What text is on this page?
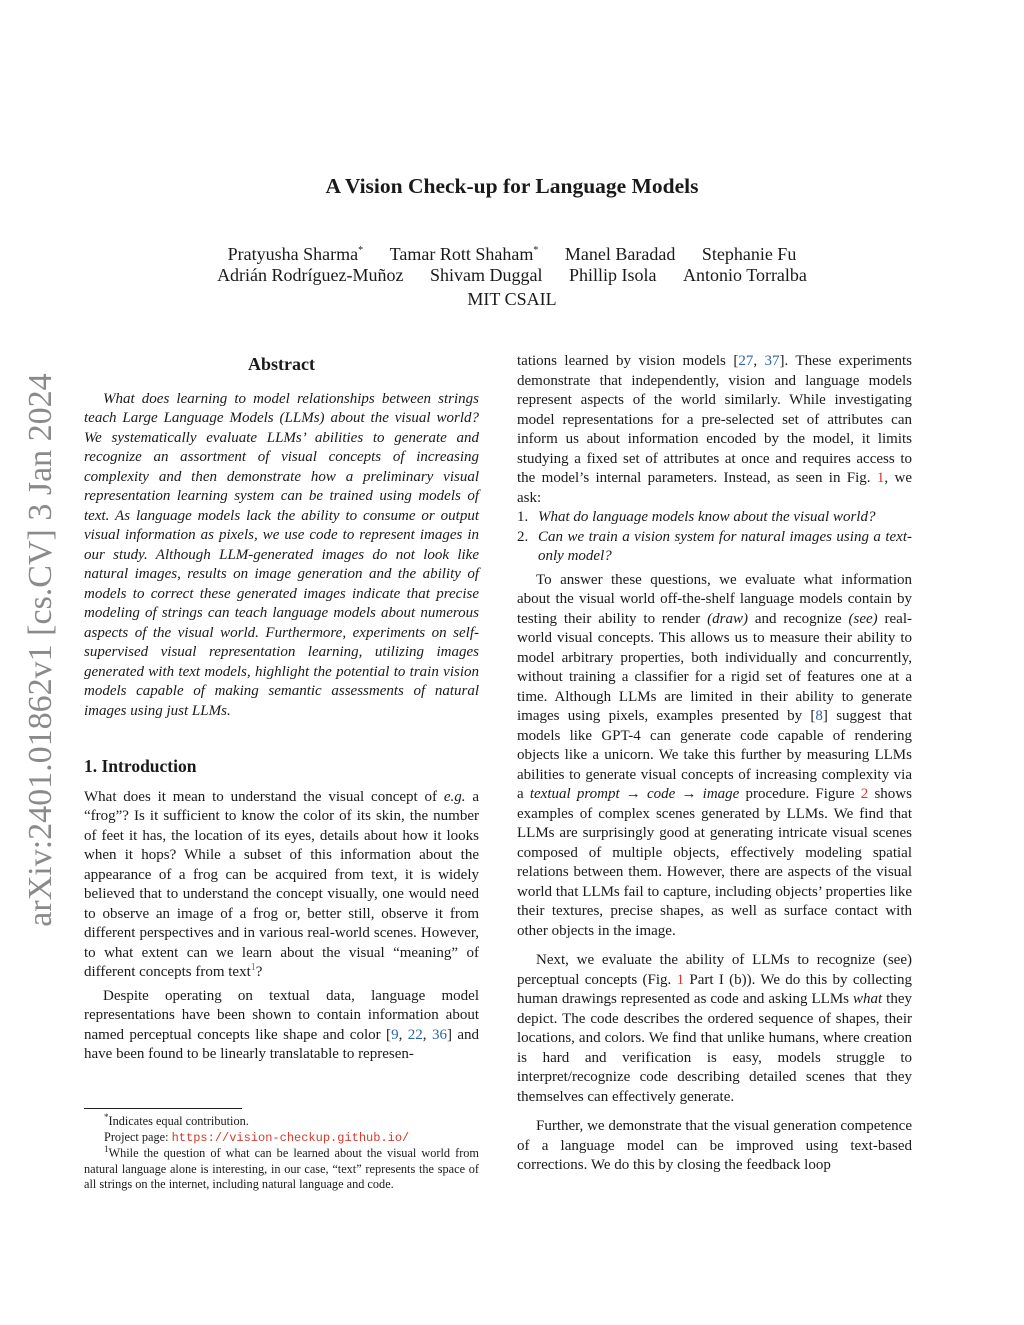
arXiv:2401.01862v1 [cs.CV] 3 Jan 2024
A Vision Check-up for Language Models
Pratyusha Sharma* Tamar Rott Shaham* Manel Baradad Stephanie Fu
Adrián Rodríguez-Muñoz Shivam Duggal Phillip Isola Antonio Torralba
MIT CSAIL
Abstract

What does learning to model relationships between strings teach Large Language Models (LLMs) about the visual world? We systematically evaluate LLMs’ abilities to generate and recognize an assortment of visual concepts of increasing complexity and then demonstrate how a preliminary visual representation learning system can be trained using models of text. As language models lack the ability to consume or output visual information as pixels, we use code to represent images in our study. Although LLM-generated images do not look like natural images, results on image generation and the ability of models to correct these generated images indicate that precise modeling of strings can teach language models about numerous aspects of the visual world. Furthermore, experiments on self-supervised visual representation learning, utilizing images generated with text models, highlight the potential to train vision models capable of making semantic assessments of natural images using just LLMs.

1. Introduction

What does it mean to understand the visual concept of e.g. a “frog”? Is it sufficient to know the color of its skin, the number of feet it has, the location of its eyes, details about how it looks when it hops? While a subset of this information about the appearance of a frog can be acquired from text, it is widely believed that to understand the concept visually, one would need to observe an image of a frog or, better still, observe it from different perspectives and in various real-world scenes. However, to what extent can we learn about the visual “meaning” of different concepts from text$^1$?

Despite operating on textual data, language model representations have been shown to contain information about named perceptual concepts like shape and color [9, 22, 36] and have been found to be linearly translatable to represen-

tations learned by vision models [27, 37]. These experiments demonstrate that independently, vision and language models represent aspects of the world similarly. While investigating model representations for a pre-selected set of attributes can inform us about information encoded by the model, it limits studying a fixed set of attributes at once and requires access to the model’s internal parameters. Instead, as seen in Fig. 1, we ask:

1. What do language models know about the visual world?
2. Can we train a vision system for natural images using a text-only model?

To answer these questions, we evaluate what information about the visual world off-the-shelf language models contain by testing their ability to render (draw) and recognize (see) real-world visual concepts. This allows us to measure their ability to model arbitrary properties, both individually and concurrently, without training a classifier for a rigid set of features one at a time. Although LLMs are limited in their ability to generate images using pixels, examples presented by [8] suggest that models like GPT-4 can generate code capable of rendering objects like a unicorn. We take this further by measuring LLMs abilities to generate visual concepts of increasing complexity via a textual prompt → code → image procedure. Figure 2 shows examples of complex scenes generated by LLMs. We find that LLMs are surprisingly good at generating intricate visual scenes composed of multiple objects, effectively modeling spatial relations between them. However, there are aspects of the visual world that LLMs fail to capture, including objects’ properties like their textures, precise shapes, as well as surface contact with other objects in the image.

Next, we evaluate the ability of LLMs to recognize (see) perceptual concepts (Fig. 1 Part I (b)). We do this by collecting human drawings represented as code and asking LLMs what they depict. The code describes the ordered sequence of shapes, their locations, and colors. We find that unlike humans, where creation is hard and verification is easy, models struggle to interpret/recognize code describing detailed scenes that they themselves can effectively generate.

Further, we demonstrate that the visual generation competence of a language model can be improved using text-based corrections. We do this by closing the feedback loop

*Indicates equal contribution.

Project page: https://vision-checkup.github.io/

$^1$While the question of what can be learned about the visual world from natural language alone is interesting, in our case, “text” represents the space of all strings on the internet, including natural language and code.
